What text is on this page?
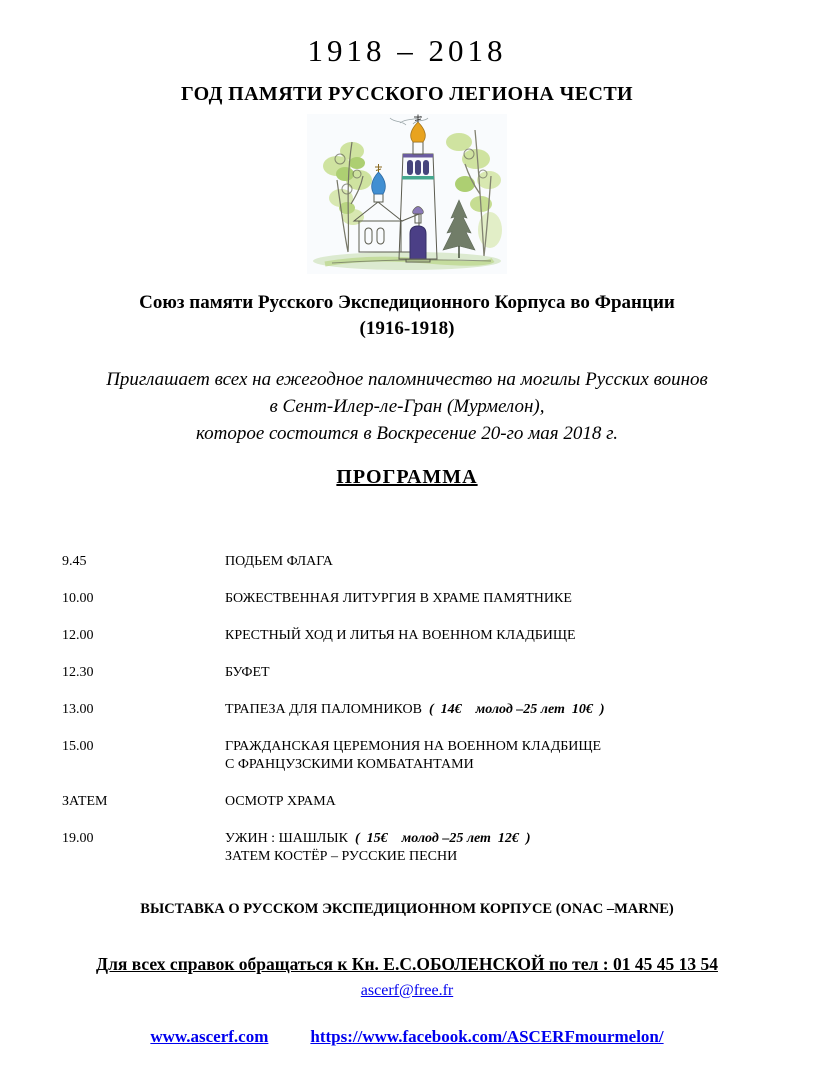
1918 – 2018
ГОД ПАМЯТИ РУССКОГО ЛЕГИОНА ЧЕСТИ
Союз памяти Русского Экспедиционного Корпуса во Франции
(1916-1918)
Приглашает всех на ежегодное паломничество на могилы Русских воинов
в Сент-Илер-ле-Гран (Мурмелон),
которое состоится в Воскресение 20-го мая 2018 г.
ПРОГРАММА
9.45	ПОДЬЕМ ФЛАГА
10.00	БОЖЕСТВЕННАЯ ЛИТУРГИЯ В ХРАМЕ ПАМЯТНИКЕ
12.00	КРЕСТНЫЙ ХОД И ЛИТЬЯ НА ВОЕННОМ КЛАДБИЩЕ
12.30	БУФЕТ
13.00	ТРАПЕЗА ДЛЯ ПАЛОМНИКОВ  (  14€    молод –25 лет  10€  )
15.00	ГРАЖДАНСКАЯ ЦЕРЕМОНИЯ НА ВОЕННОМ КЛАДБИЩЕ
С ФРАНЦУЗСКИМИ КОМБАТАНТАМИ
ЗАТЕМ	ОСМОТР ХРАМА
19.00	УЖИН : ШАШЛЫК  (  15€    молод –25 лет  12€  )
ЗАТЕМ КОСТЁР – РУССКИЕ ПЕСНИ
ВЫСТАВКА О РУССКОМ ЭКСПЕДИЦИОННОМ КОРПУСЕ (ONAC –MARNE)
Для всех справок обращаться к Кн. Е.С.ОБОЛЕНСКОЙ по тел : 01 45 45 13 54
ascerf@free.fr
www.ascerf.com https://www.facebook.com/ASCERFmourmelon/
